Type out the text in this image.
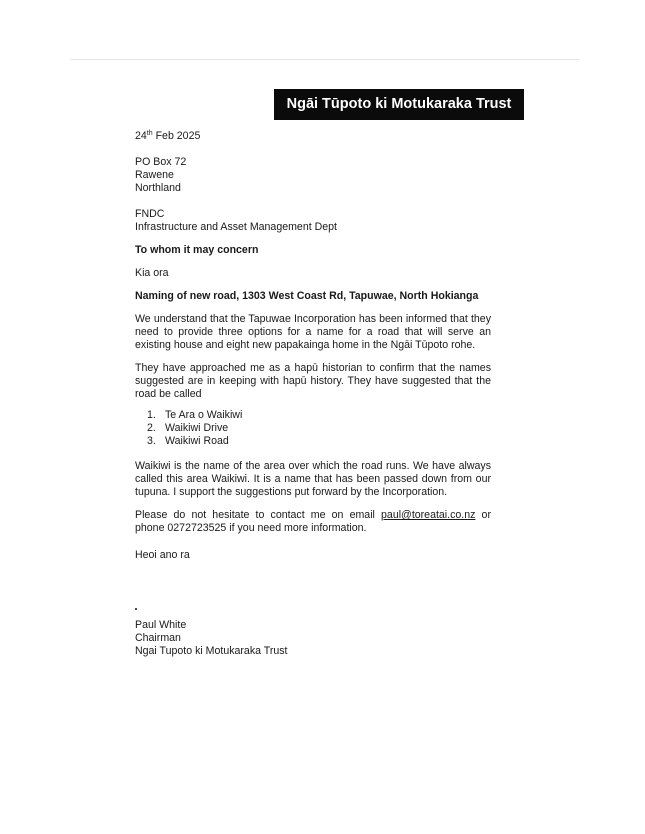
Ngāi Tūpoto ki Motukaraka Trust

24th Feb 2025

PO Box 72
Rawene
Northland
FNDC
Infrastructure and Asset Management Dept

To whom it may concern

Kia ora

Naming of new road, 1303 West Coast Rd, Tapuwae, North Hokianga

We understand that the Tapuwae Incorporation has been informed that they need to provide three options for a name for a road that will serve an existing house and eight new papakainga home in the Ngāi Tūpoto rohe.

They have approached me as a hapū historian to confirm that the names suggested are in keeping with hapū history. They have suggested that the road be called

1. Te Ara o Waikiwi
2. Waikiwi Drive
3. Waikiwi Road

Waikiwi is the name of the area over which the road runs. We have always called this area Waikiwi. It is a name that has been passed down from our tupuna. I support the suggestions put forward by the Incorporation.

Please do not hesitate to contact me on email paul@toreatai.co.nz or phone 0272723525 if you need more information.

Heoi ano ra

Paul White
Chairman
Ngai Tupoto ki Motukaraka Trust
